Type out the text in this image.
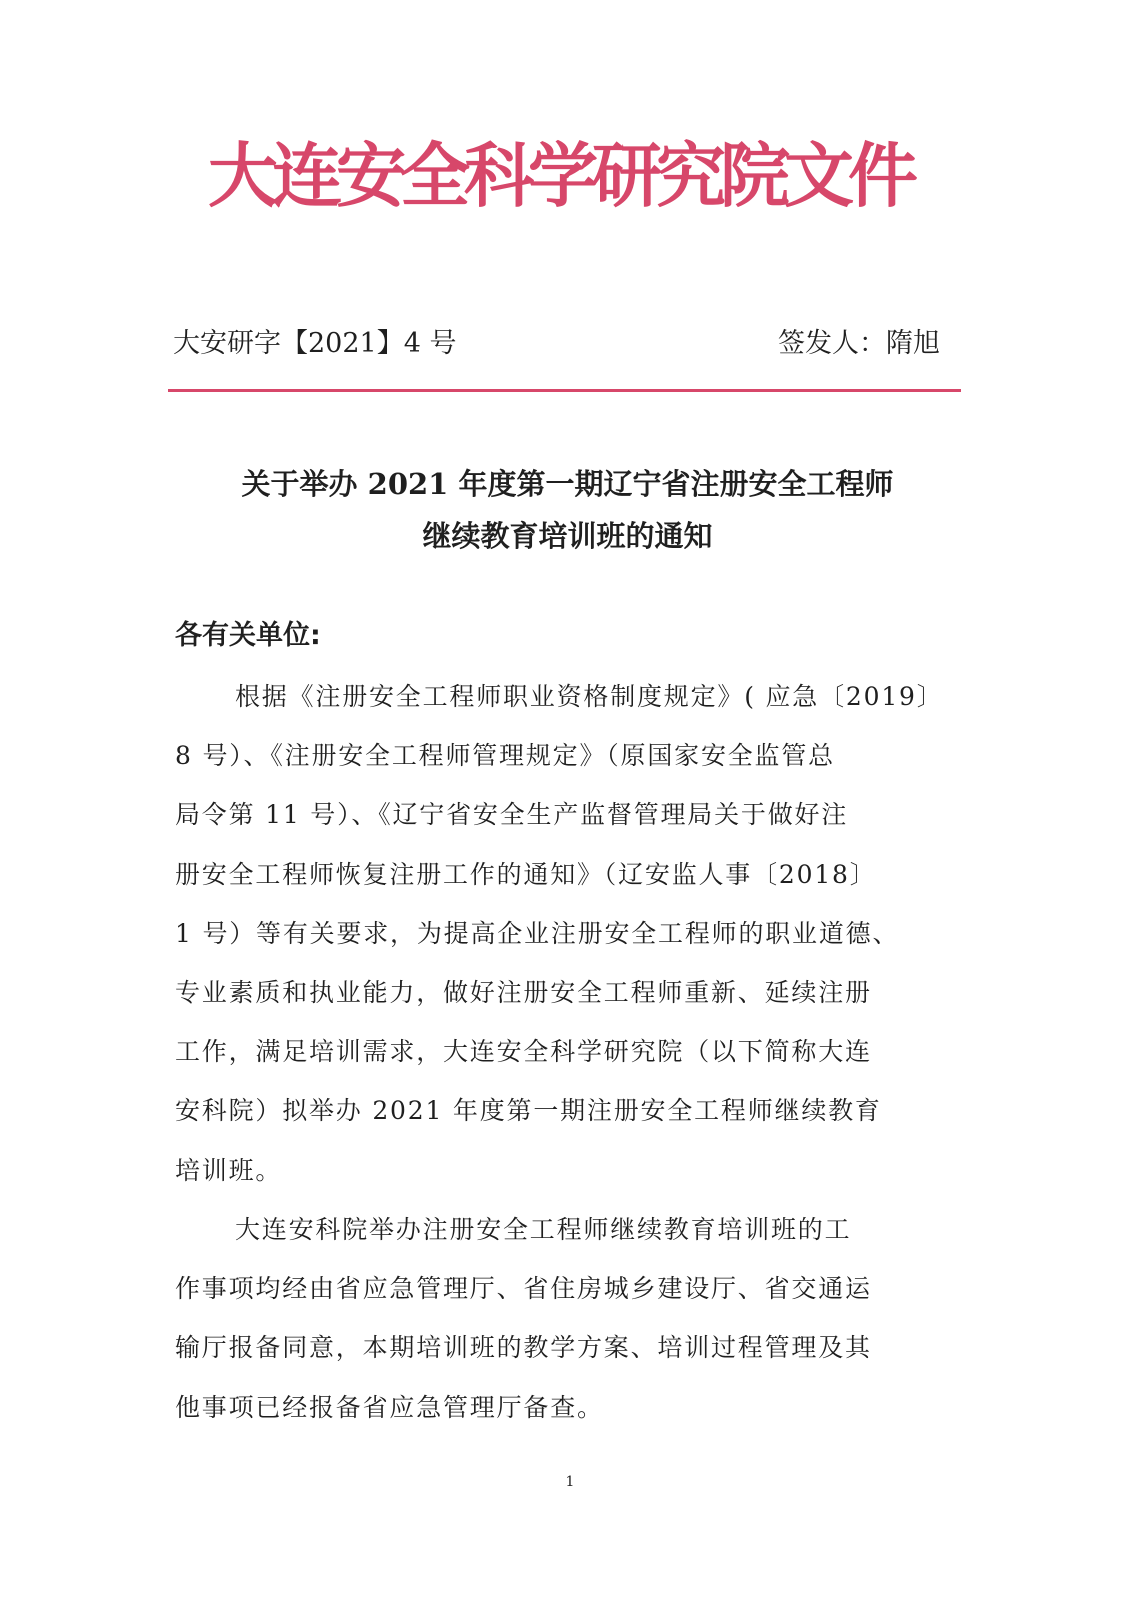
大连安全科学研究院文件
大安研字【2021】4 号	签发人：隋旭
关于举办 2021 年度第一期辽宁省注册安全工程师
继续教育培训班的通知
各有关单位:
根据《注册安全工程师职业资格制度规定》( 应急〔2019〕
8 号）、《注册安全工程师管理规定》（原国家安全监管总
局令第 11 号）、《辽宁省安全生产监督管理局关于做好注
册安全工程师恢复注册工作的通知》（辽安监人事〔2018〕
1 号）等有关要求，为提高企业注册安全工程师的职业道德、
专业素质和执业能力，做好注册安全工程师重新、延续注册
工作，满足培训需求，大连安全科学研究院（以下简称大连
安科院）拟举办 2021 年度第一期注册安全工程师继续教育
培训班。
大连安科院举办注册安全工程师继续教育培训班的工
作事项均经由省应急管理厅、省住房城乡建设厅、省交通运
输厅报备同意，本期培训班的教学方案、培训过程管理及其
他事项已经报备省应急管理厅备查。
1
